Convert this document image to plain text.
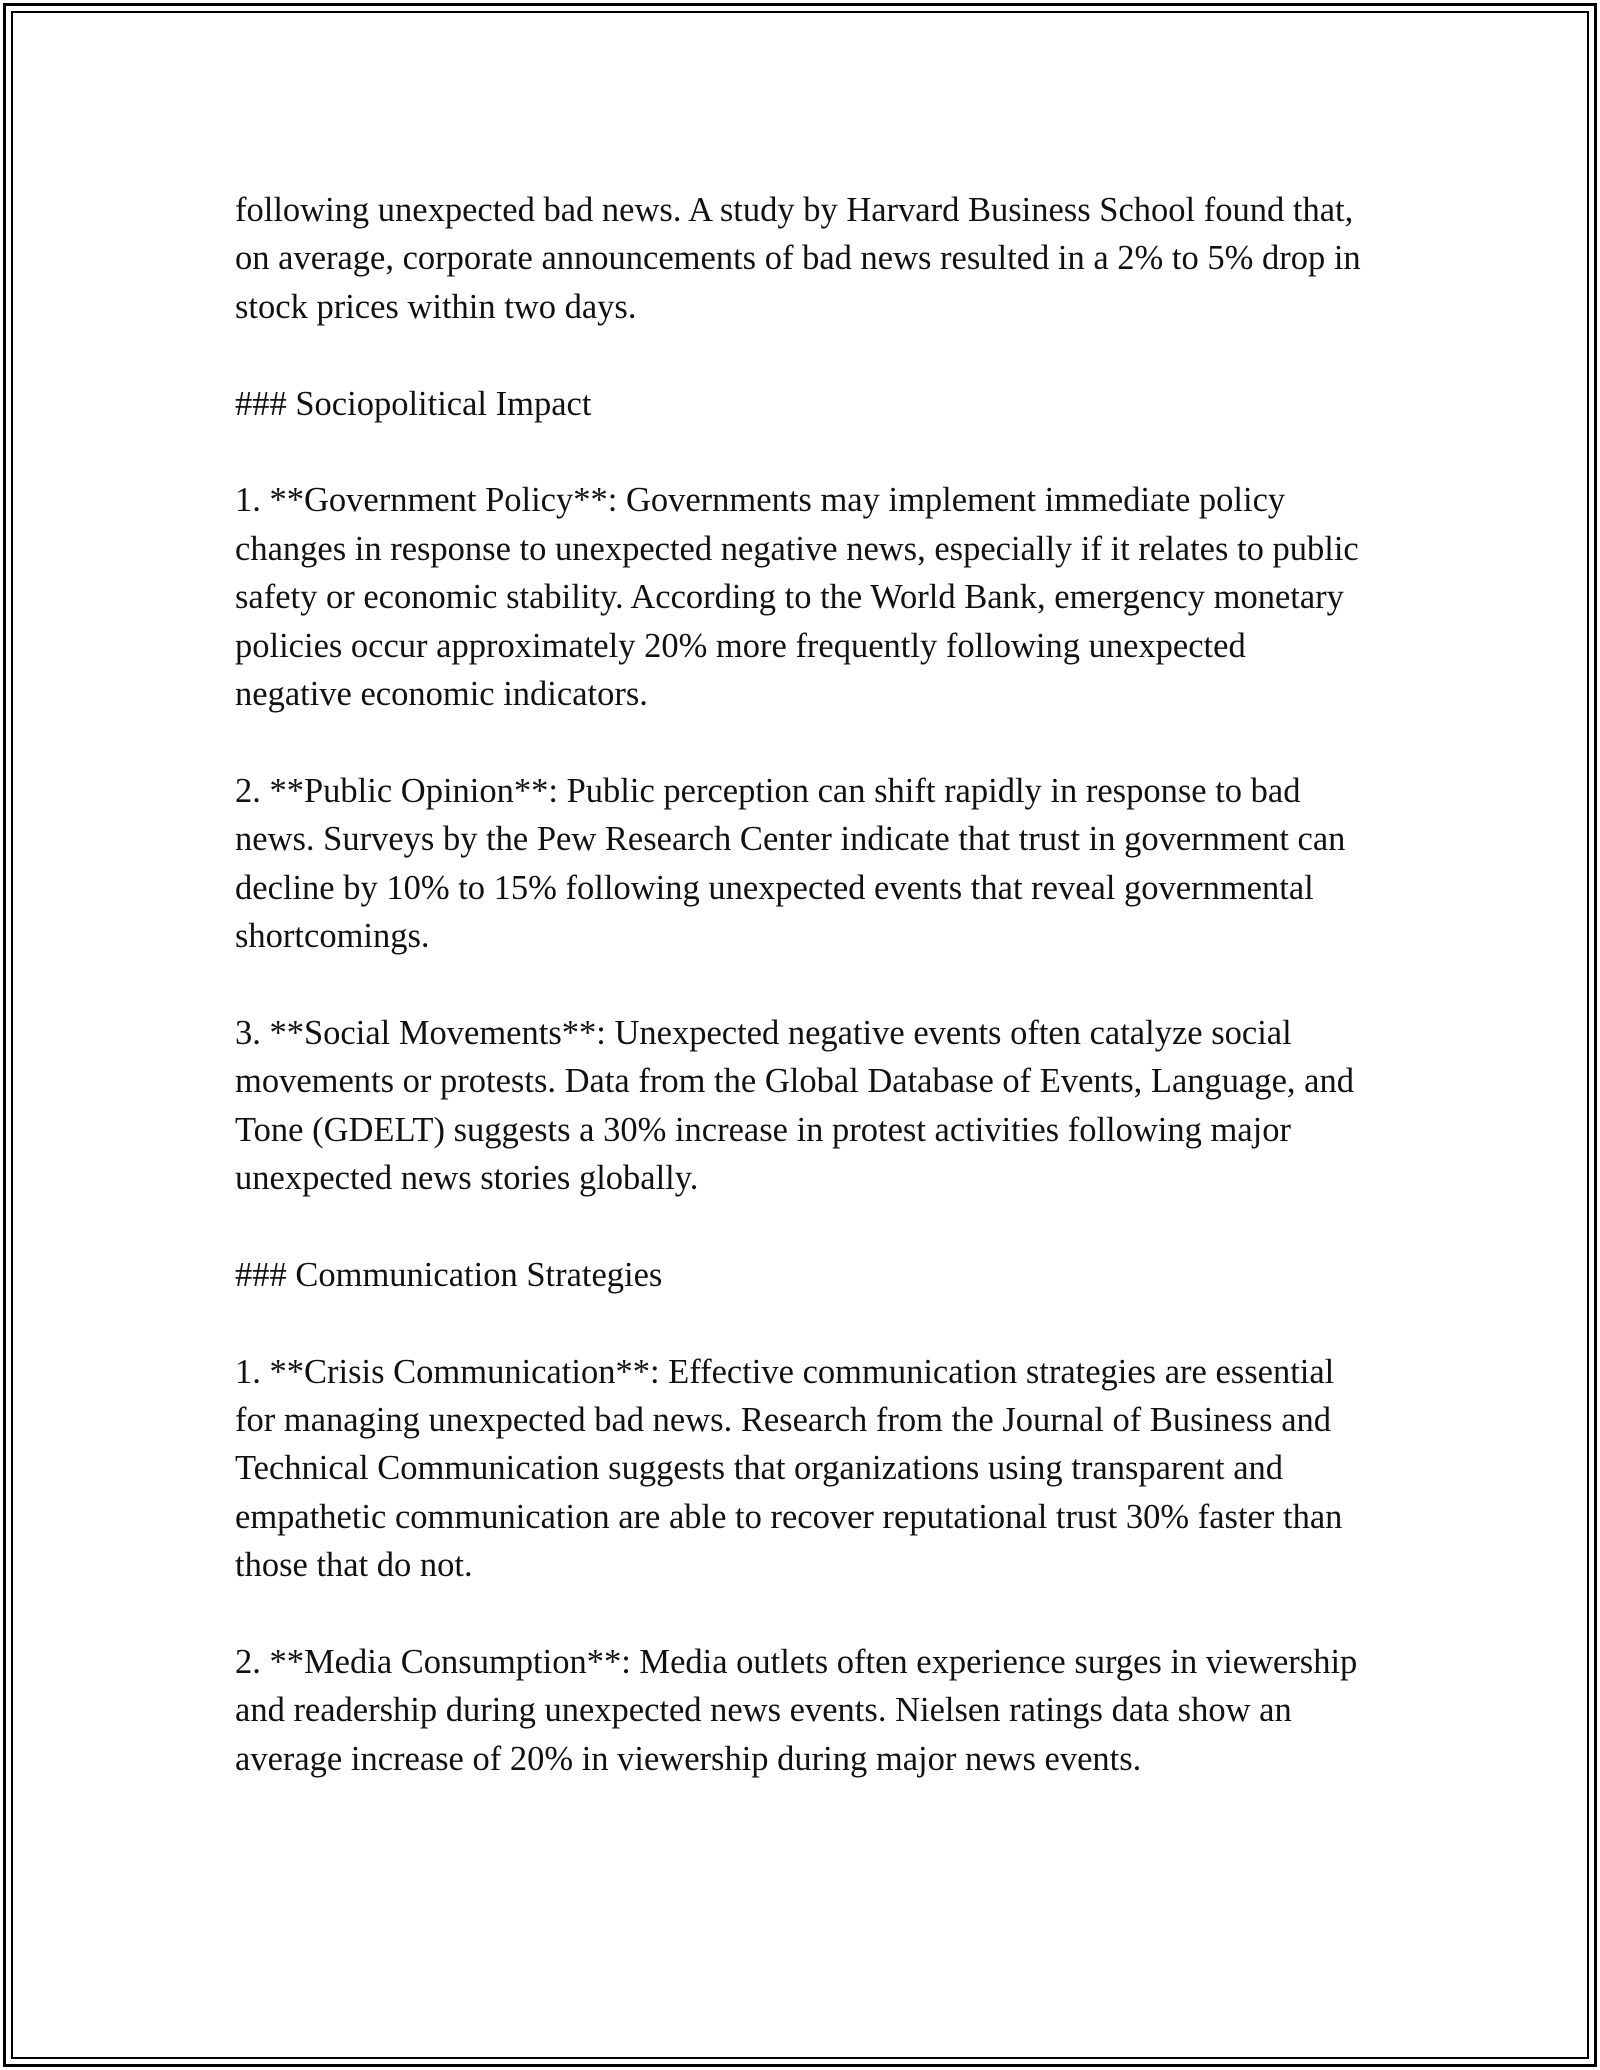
following unexpected bad news. A study by Harvard Business School found that, on average, corporate announcements of bad news resulted in a 2% to 5% drop in stock prices within two days.

### Sociopolitical Impact

1. **Government Policy**: Governments may implement immediate policy changes in response to unexpected negative news, especially if it relates to public safety or economic stability. According to the World Bank, emergency monetary policies occur approximately 20% more frequently following unexpected negative economic indicators.

2. **Public Opinion**: Public perception can shift rapidly in response to bad news. Surveys by the Pew Research Center indicate that trust in government can decline by 10% to 15% following unexpected events that reveal governmental shortcomings.

3. **Social Movements**: Unexpected negative events often catalyze social movements or protests. Data from the Global Database of Events, Language, and Tone (GDELT) suggests a 30% increase in protest activities following major unexpected news stories globally.

### Communication Strategies

1. **Crisis Communication**: Effective communication strategies are essential for managing unexpected bad news. Research from the Journal of Business and Technical Communication suggests that organizations using transparent and empathetic communication are able to recover reputational trust 30% faster than those that do not.

2. **Media Consumption**: Media outlets often experience surges in viewership and readership during unexpected news events. Nielsen ratings data show an average increase of 20% in viewership during major news events.
